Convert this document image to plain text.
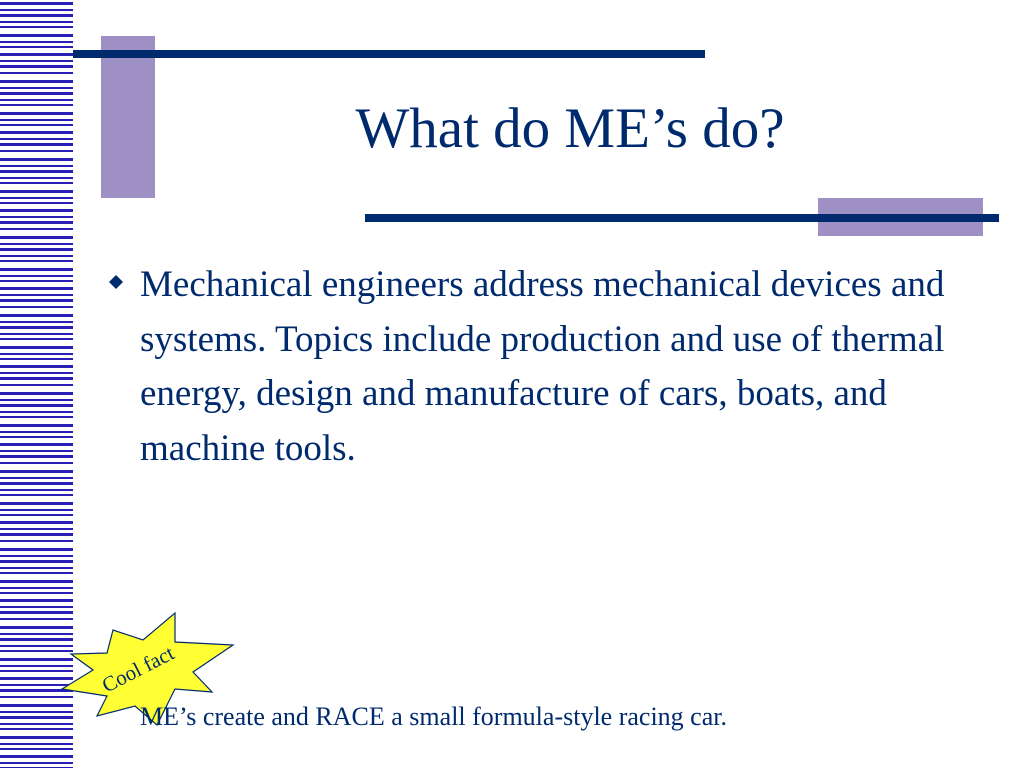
What do ME’s do?
Mechanical engineers address mechanical devices and systems. Topics include production and use of thermal energy, design and manufacture of cars, boats, and machine tools.
Cool fact
ME’s create and RACE a small formula-style racing car.
